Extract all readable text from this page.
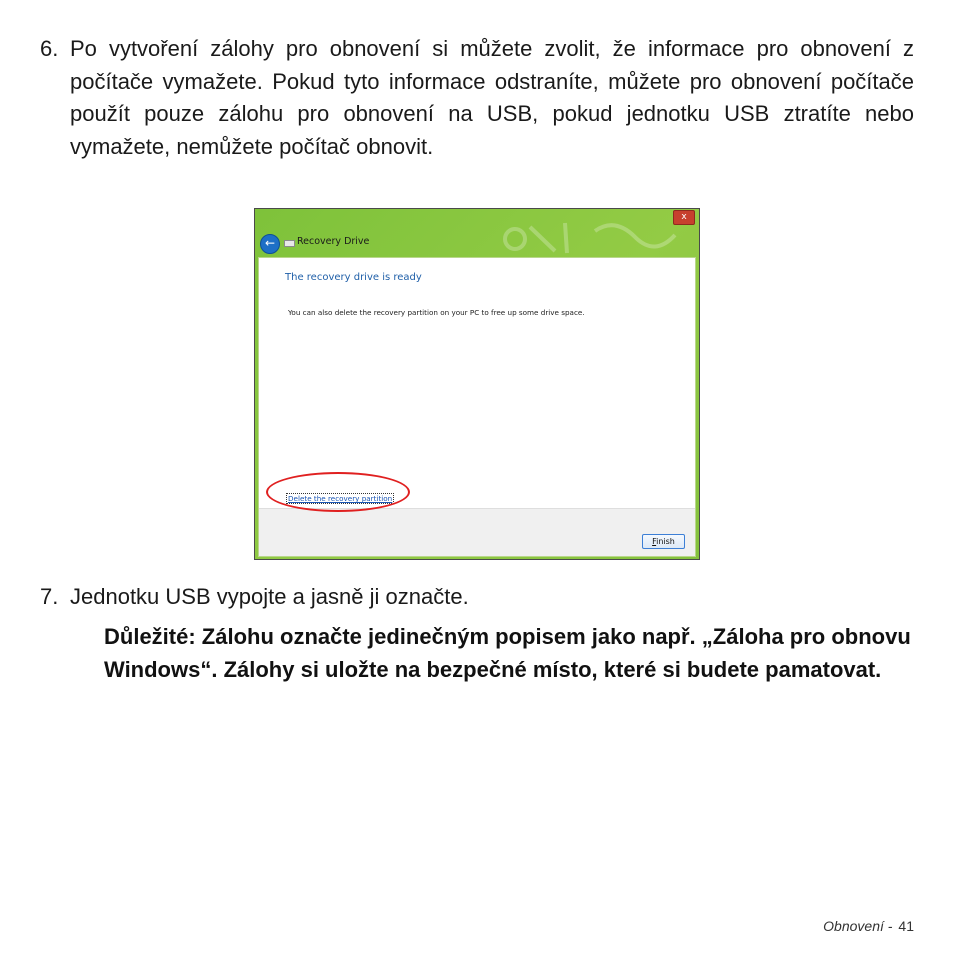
6. Po vytvoření zálohy pro obnovení si můžete zvolit, že informace pro obnovení z počítače vymažete. Pokud tyto informace odstraníte, můžete pro obnovení počítače použít pouze zálohu pro obnovení na USB, pokud jednotku USB ztratíte nebo vymažete, nemůžete počítač obnovit.
x
←	Recovery Drive
The recovery drive is ready
You can also delete the recovery partition on your PC to free up some drive space.
Delete the recovery partition
Finish
7. Jednotku USB vypojte a jasně ji označte.
Důležité: Zálohu označte jedinečným popisem jako např. „Záloha pro obnovu Windows“. Zálohy si uložte na bezpečné místo, které si budete pamatovat.
Obnovení - 41
